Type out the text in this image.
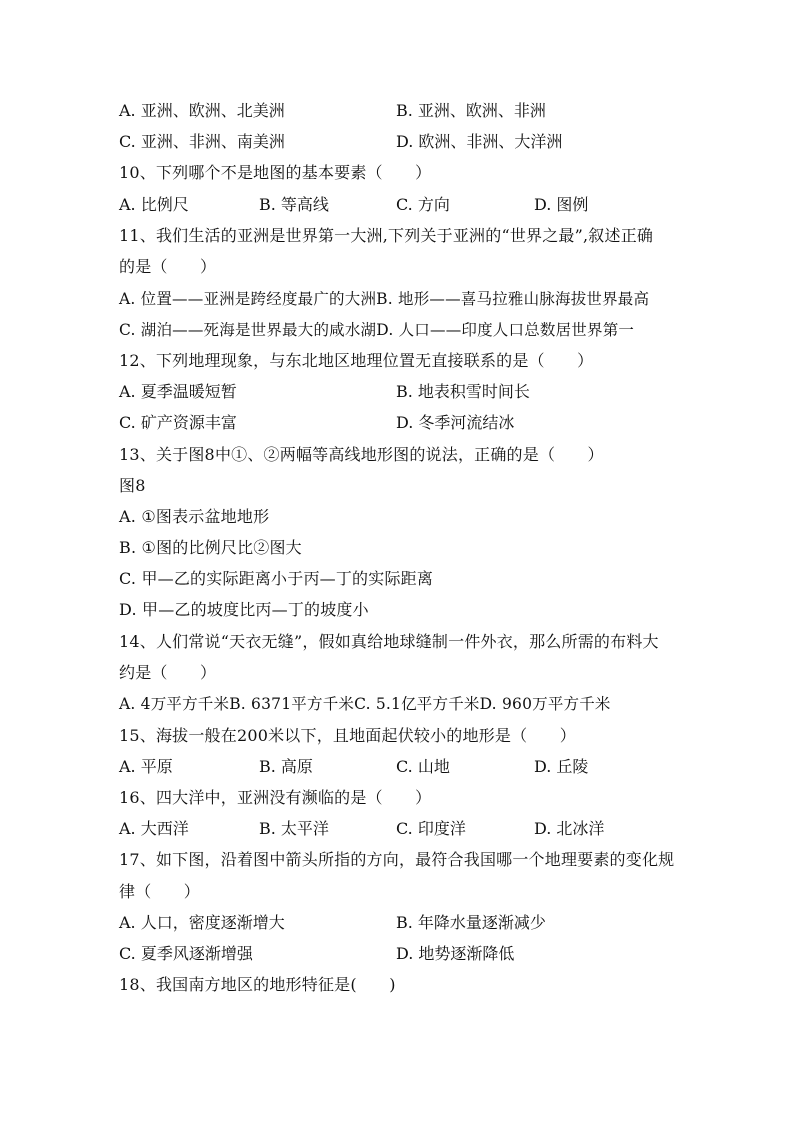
A. 亚洲、欧洲、北美洲	B. 亚洲、欧洲、非洲
C. 亚洲、非洲、南美洲	D. 欧洲、非洲、大洋洲
10、下列哪个不是地图的基本要素（　　）
A. 比例尺	B. 等高线	C. 方向	D. 图例
11、我们生活的亚洲是世界第一大洲,下列关于亚洲的“世界之最”,叙述正确
的是（　　）
A. 位置——亚洲是跨经度最广的大洲B. 地形——喜马拉雅山脉海拔世界最高
C. 湖泊——死海是世界最大的咸水湖D. 人口——印度人口总数居世界第一
12、下列地理现象，与东北地区地理位置无直接联系的是（　　）
A. 夏季温暖短暂	B. 地表积雪时间长
C. 矿产资源丰富	D. 冬季河流结冰
13、关于图8中①、②两幅等高线地形图的说法，正确的是（　　）
图8
A. ①图表示盆地地形
B. ①图的比例尺比②图大
C. 甲—乙的实际距离小于丙—丁的实际距离
D. 甲—乙的坡度比丙—丁的坡度小
14、人们常说“天衣无缝”，假如真给地球缝制一件外衣，那么所需的布料大
约是（　　）
A. 4万平方千米B. 6371平方千米C. 5.1亿平方千米D. 960万平方千米
15、海拔一般在200米以下，且地面起伏较小的地形是（　　）
A. 平原	B. 高原	C. 山地	D. 丘陵
16、四大洋中，亚洲没有濒临的是（　　）
A. 大西洋	B. 太平洋	C. 印度洋	D. 北冰洋
17、如下图，沿着图中箭头所指的方向，最符合我国哪一个地理要素的变化规
律（　　）
A. 人口，密度逐渐增大	B. 年降水量逐渐减少
C. 夏季风逐渐增强	D. 地势逐渐降低
18、我国南方地区的地形特征是(　　)
